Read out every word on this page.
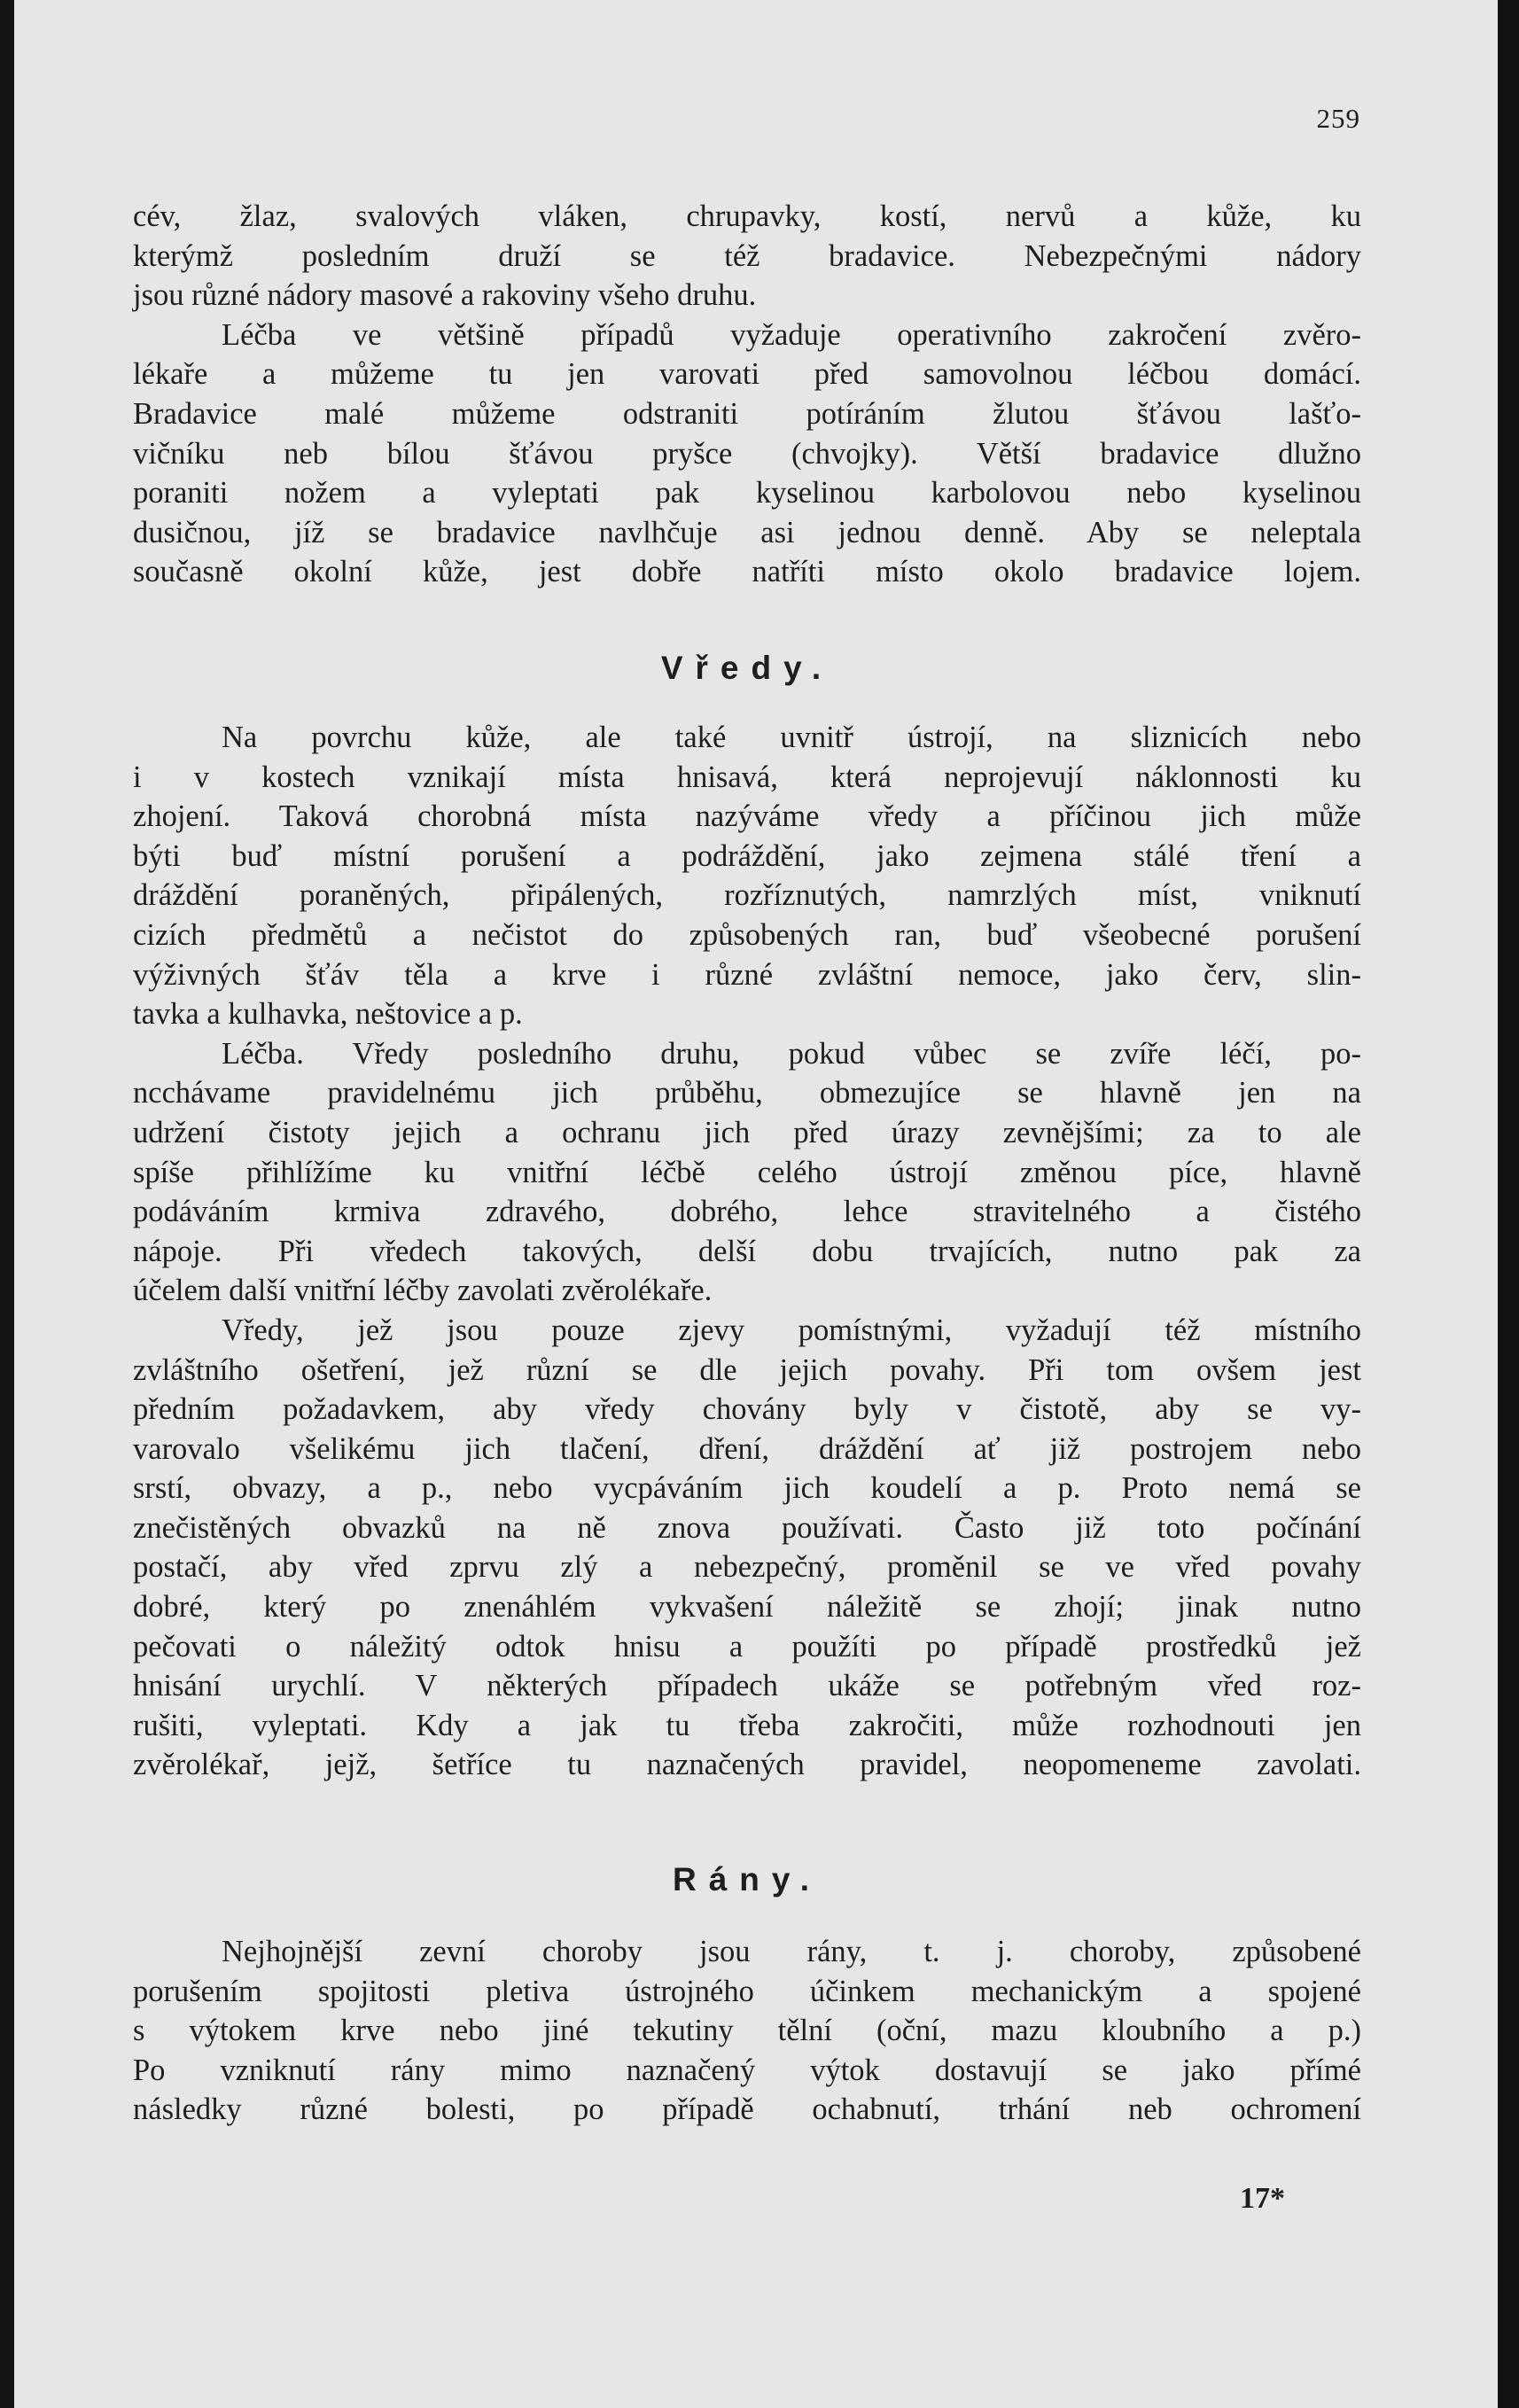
259
cév, žlaz, svalových vláken, chrupavky, kostí, nervů a kůže, ku
kterýmž posledním druží se též bradavice. Nebezpečnými nádory
jsou různé nádory masové a rakoviny všeho druhu.
Léčba ve většině případů vyžaduje operativního zakročení zvěro-
lékaře a můžeme tu jen varovati před samovolnou léčbou domácí.
Bradavice malé můžeme odstraniti potíráním žlutou šťávou lašťo-
vičníku neb bílou šťávou pryšce (chvojky). Větší bradavice dlužno
poraniti nožem a vyleptati pak kyselinou karbolovou nebo kyselinou
dusičnou, jíž se bradavice navlhčuje asi jednou denně. Aby se neleptala
současně okolní kůže, jest dobře natříti místo okolo bradavice lojem.
Vředy.
Na povrchu kůže, ale také uvnitř ústrojí, na sliznicích nebo
i v kostech vznikají místa hnisavá, která neprojevují náklonnosti ku
zhojení. Taková chorobná místa nazýváme vředy a příčinou jich může
býti buď místní porušení a podráždění, jako zejmena stálé tření a
dráždění poraněných, připálených, rozříznutých, namrzlých míst, vniknutí
cizích předmětů a nečistot do způsobených ran, buď všeobecné porušení
výživných šťáv těla a krve i různé zvláštní nemoce, jako červ, slin-
tavka a kulhavka, neštovice a p.
Léčba. Vředy posledního druhu, pokud vůbec se zvíře léčí, po-
ncchávame pravidelnému jich průběhu, obmezujíce se hlavně jen na
udržení čistoty jejich a ochranu jich před úrazy zevnějšími; za to ale
spíše přihlížíme ku vnitřní léčbě celého ústrojí změnou píce, hlavně
podáváním krmiva zdravého, dobrého, lehce stravitelného a čistého
nápoje. Při vředech takových, delší dobu trvajících, nutno pak za
účelem další vnitřní léčby zavolati zvěrolékaře.
Vředy, jež jsou pouze zjevy pomístnými, vyžadují též místního
zvláštního ošetření, jež různí se dle jejich povahy. Při tom ovšem jest
předním požadavkem, aby vředy chovány byly v čistotě, aby se vy-
varovalo všelikému jich tlačení, dření, dráždění ať již postrojem nebo
srstí, obvazy, a p., nebo vycpáváním jich koudelí a p. Proto nemá se
znečistěných obvazků na ně znova používati. Často již toto počínání
postačí, aby vřed zprvu zlý a nebezpečný, proměnil se ve vřed povahy
dobré, který po znenáhlém vykvašení náležitě se zhojí; jinak nutno
pečovati o náležitý odtok hnisu a použíti po případě prostředků jež
hnisání urychlí. V některých případech ukáže se potřebným vřed roz-
rušiti, vyleptati. Kdy a jak tu třeba zakročiti, může rozhodnouti jen
zvěrolékař, jejž, šetříce tu naznačených pravidel, neopomeneme zavolati.
Rány.
Nejhojnější zevní choroby jsou rány, t. j. choroby, způsobené
porušením spojitosti pletiva ústrojného účinkem mechanickým a spojené
s výtokem krve nebo jiné tekutiny tělní (oční, mazu kloubního a p.)
Po vzniknutí rány mimo naznačený výtok dostavují se jako přímé
následky různé bolesti, po případě ochabnutí, trhání neb ochromení
17*
